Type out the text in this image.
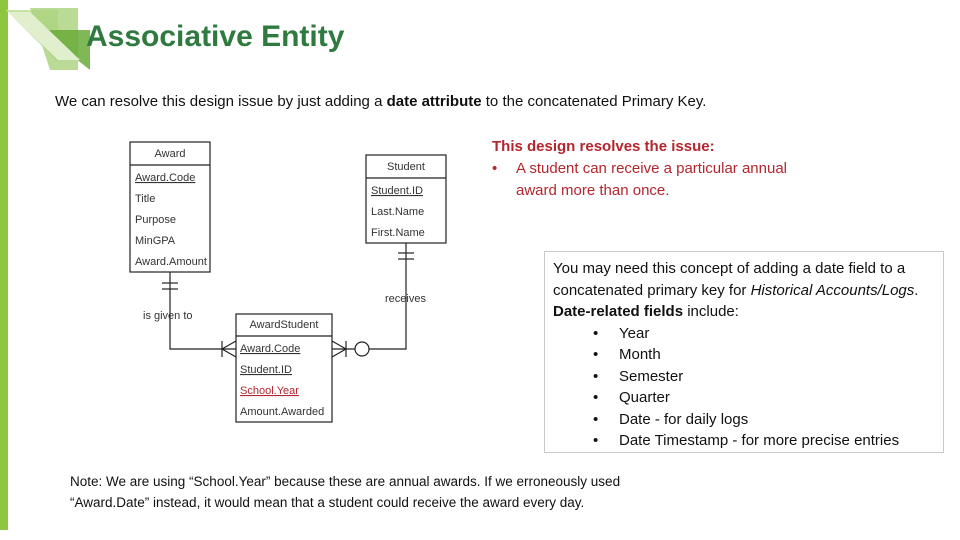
Associative Entity
We can resolve this design issue by just adding a date attribute to the concatenated Primary Key.
This design resolves the issue:
•	A student can receive a particular annual award more than once.
You may need this concept of adding a date field to a concatenated primary key for Historical Accounts/Logs. Date-related fields include:
•	Year
•	Month
•	Semester
•	Quarter
•	Date - for daily logs
•	Date Timestamp - for more precise entries
Note: We are using “School.Year” because these are annual awards. If we erroneously used
“Award.Date” instead, it would mean that a student could receive the award every day.
Award
Award.Code
Title
Purpose
MinGPA
Award.Amount
Student
Student.ID
Last.Name
First.Name
AwardStudent
Award.Code
Student.ID
School.Year
Amount.Awarded
is given to
receives
